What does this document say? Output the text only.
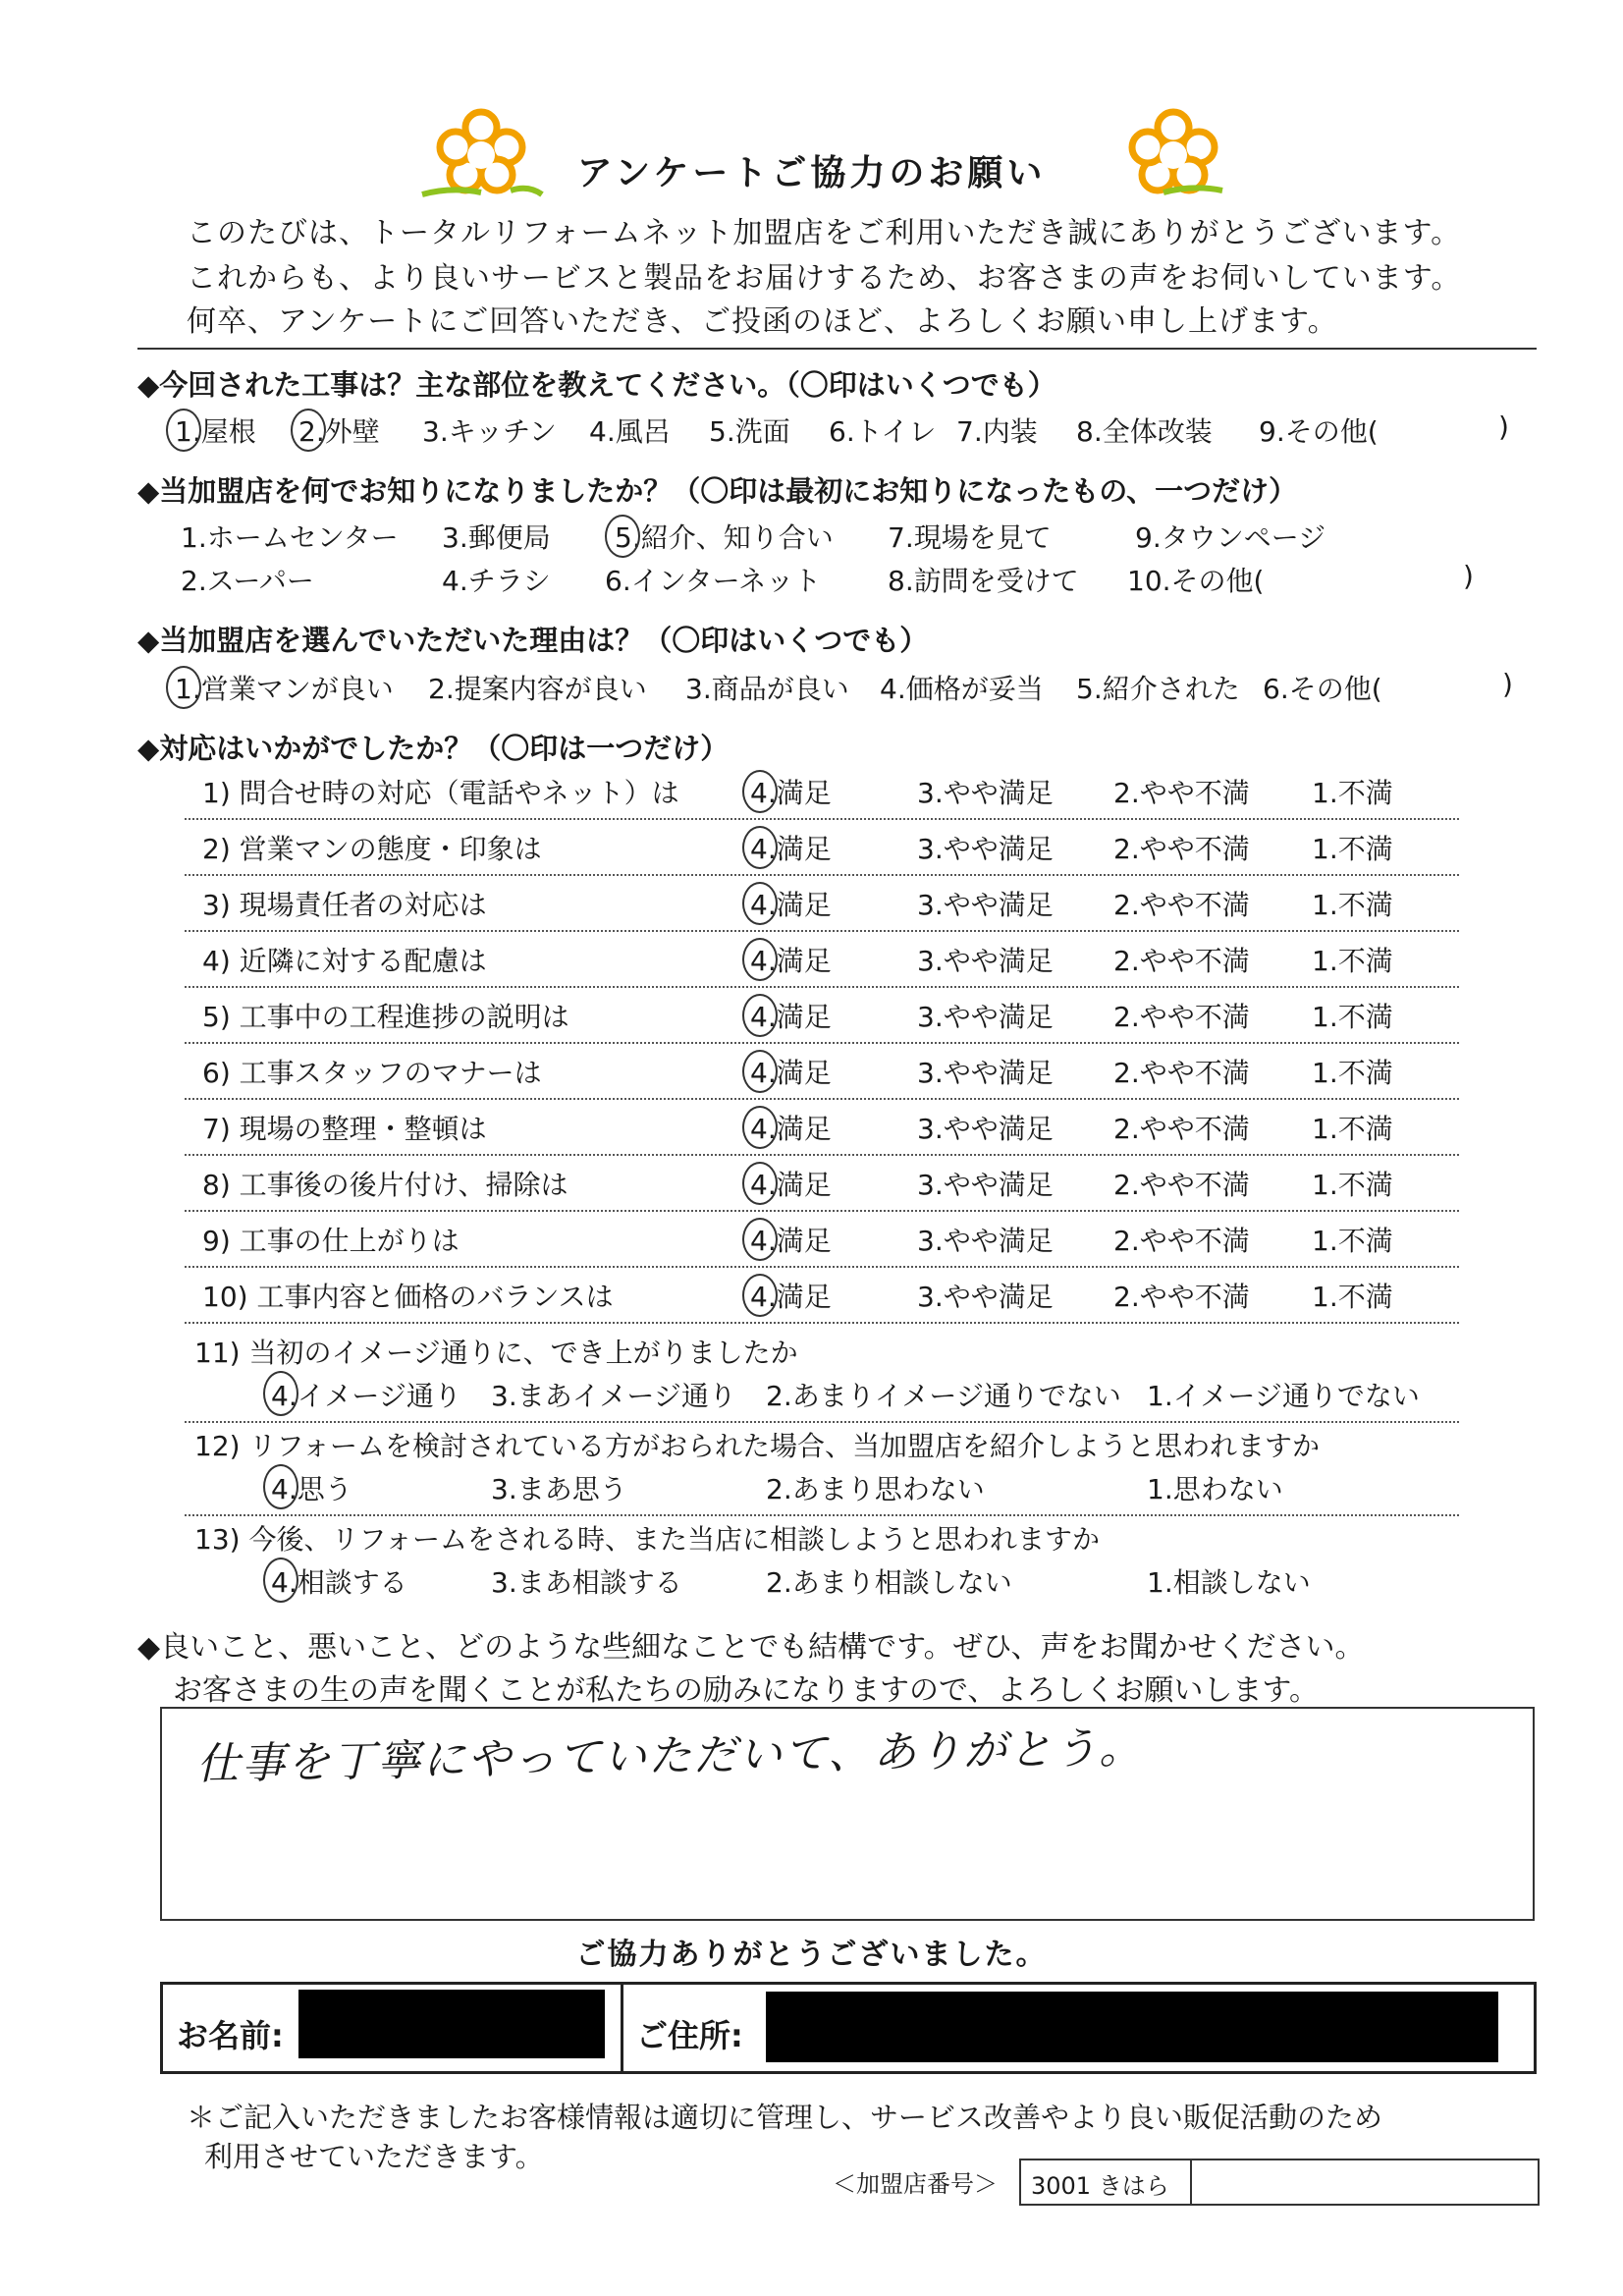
アンケートご協力のお願い
このたびは、トータルリフォームネット加盟店をご利用いただき誠にありがとうございます。
これからも、より良いサービスと製品をお届けするため、お客さまの声をお伺いしています。
何卒、アンケートにご回答いただき、ご投函のほど、よろしくお願い申し上げます。
◆今回された工事は？主な部位を教えてください。（〇印はいくつでも）
1.屋根 2.外壁 3.キッチン 4.風呂 5.洗面 6.トイレ 7.内装 8.全体改装 9.その他(	)
◆当加盟店を何でお知りになりましたか？（〇印は最初にお知りになったもの、一つだけ）
1.ホームセンター 3.郵便局 5.紹介、知り合い 7.現場を見て	9.タウンページ
2.スーパー	4.チラシ 6.インターネット 8.訪問を受けて 10.その他(	)
◆当加盟店を選んでいただいた理由は？（〇印はいくつでも）
1.営業マンが良い 2.提案内容が良い 3.商品が良い 4.価格が妥当 5.紹介された 6.その他(	)
◆対応はいかがでしたか？（〇印は一つだけ）
1) 問合せ時の対応（電話やネット）は	4.満足	3.やや満足 2.やや不満 1.不満
2) 営業マンの態度・印象は	4.満足	3.やや満足 2.やや不満 1.不満
3) 現場責任者の対応は	4.満足	3.やや満足 2.やや不満 1.不満
4) 近隣に対する配慮は	4.満足	3.やや満足 2.やや不満 1.不満
5) 工事中の工程進捗の説明は	4.満足	3.やや満足 2.やや不満 1.不満
6) 工事スタッフのマナーは	4.満足	3.やや満足 2.やや不満 1.不満
7) 現場の整理・整頓は	4.満足	3.やや満足 2.やや不満 1.不満
8) 工事後の後片付け、掃除は	4.満足	3.やや満足 2.やや不満 1.不満
9) 工事の仕上がりは	4.満足	3.やや満足 2.やや不満 1.不満
10) 工事内容と価格のバランスは	4.満足	3.やや満足 2.やや不満 1.不満
11) 当初のイメージ通りに、でき上がりましたか
4.イメージ通り 3.まあイメージ通り 2.あまりイメージ通りでない 1.イメージ通りでない
12) リフォームを検討されている方がおられた場合、当加盟店を紹介しようと思われますか
4.思う	3.まあ思う	2.あまり思わない	1.思わない
13) 今後、リフォームをされる時、また当店に相談しようと思われますか
4.相談する	3.まあ相談する	2.あまり相談しない	1.相談しない
◆良いこと、悪いこと、どのような些細なことでも結構です。ぜひ、声をお聞かせください。
お客さまの生の声を聞くことが私たちの励みになりますので、よろしくお願いします。
仕事を丁寧にやっていただいて、ありがとう。
ご協力ありがとうございました。
お名前:	ご住所:
＊ご記入いただきましたお客様情報は適切に管理し、サービス改善やより良い販促活動のため
利用させていただきます。
＜加盟店番号＞ 3001 きはら
